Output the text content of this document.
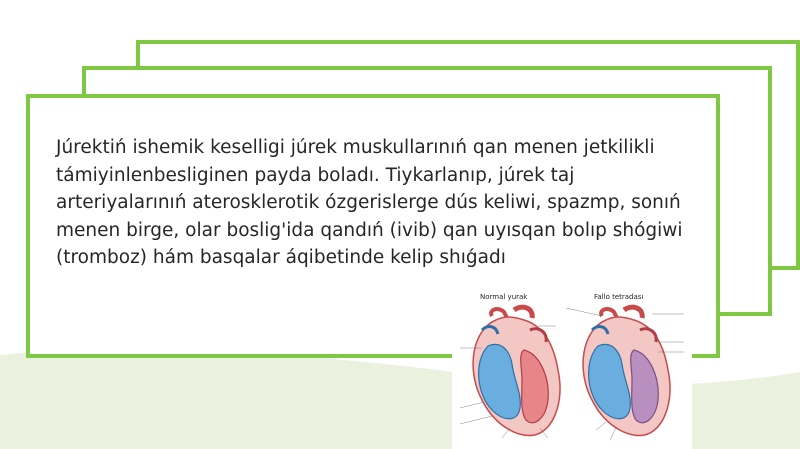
Júrektiń ishemik keselligi júrek muskullarınıń qan menen jetkilikli támiyinlenbesliginen payda boladı. Tiykarlanıp, júrek taj arteriyalarınıń aterosklerotik ózgerislerge dús keliwi, spazmp, sonıń menen birge, olar boslig'ida qandıń (ivib) qan uyısqan bolıp shógiwi (tromboz) hám basqalar áqibetinde kelip shıǵadı
Normal yurak	Fallo tetradası
